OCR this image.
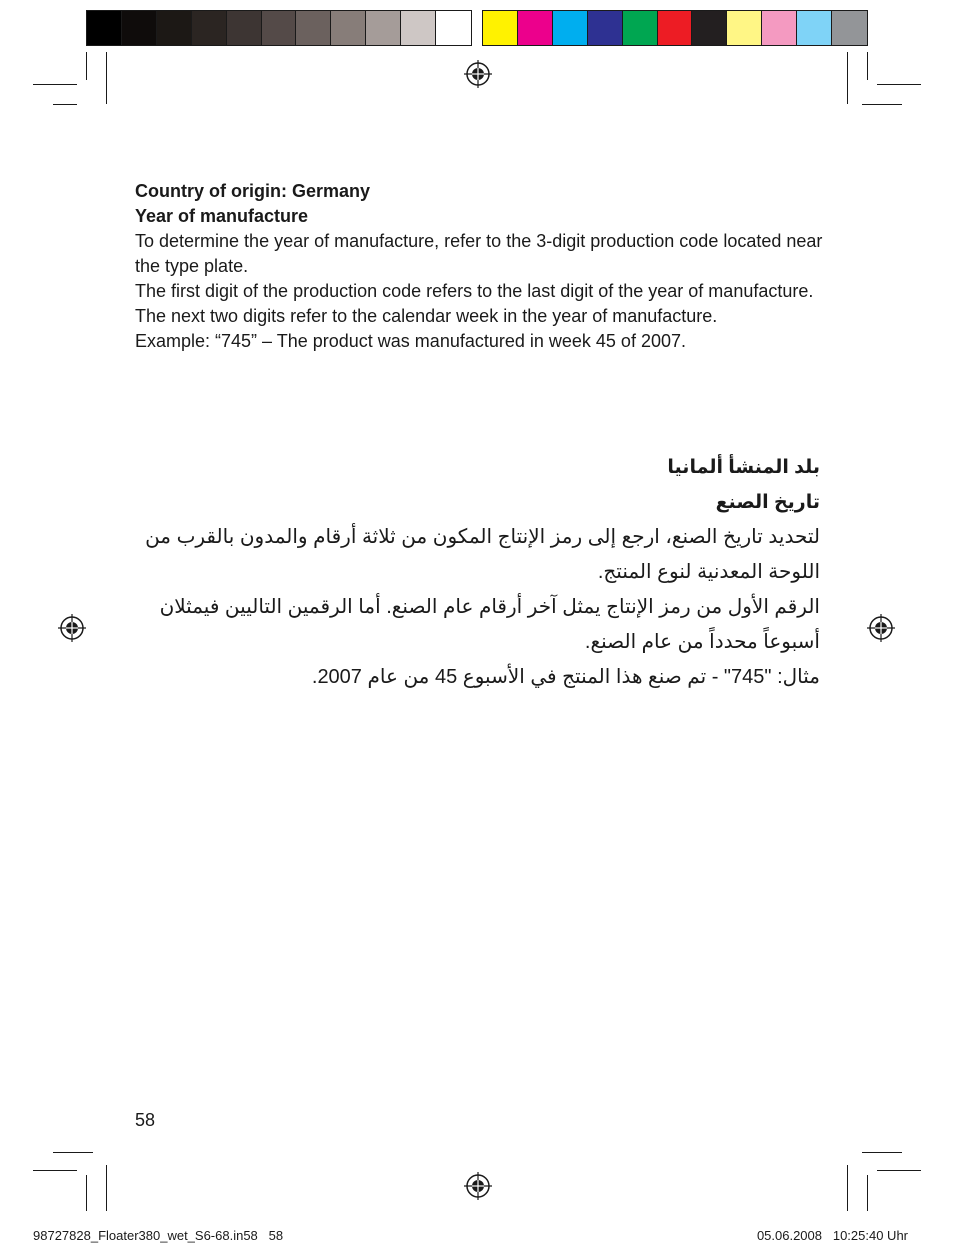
Country of origin: Germany

Year of manufacture

To determine the year of manufacture, refer to the 3-digit production code located near the type plate.

The first digit of the production code refers to the last digit of the year of manufacture. The next two digits refer to the calendar week in the year of manufacture.

Example: “745” – The product was manufactured in week 45 of 2007.

بلد المنشأ ألمانيا

تاريخ الصنع

لتحديد تاريخ الصنع، ارجع إلى رمز الإنتاج المكون من ثلاثة أرقام والمدون بالقرب من اللوحة المعدنية لنوع المنتج.

الرقم الأول من رمز الإنتاج يمثل آخر أرقام عام الصنع. أما الرقمين التاليين فيمثلان أسبوعاً محدداً من عام الصنع.

مثال: "745" - تم صنع هذا المنتج في الأسبوع 45 من عام 2007.

58
98727828_Floater380_wet_S6-68.in58   58	05.06.2008   10:25:40 Uhr
